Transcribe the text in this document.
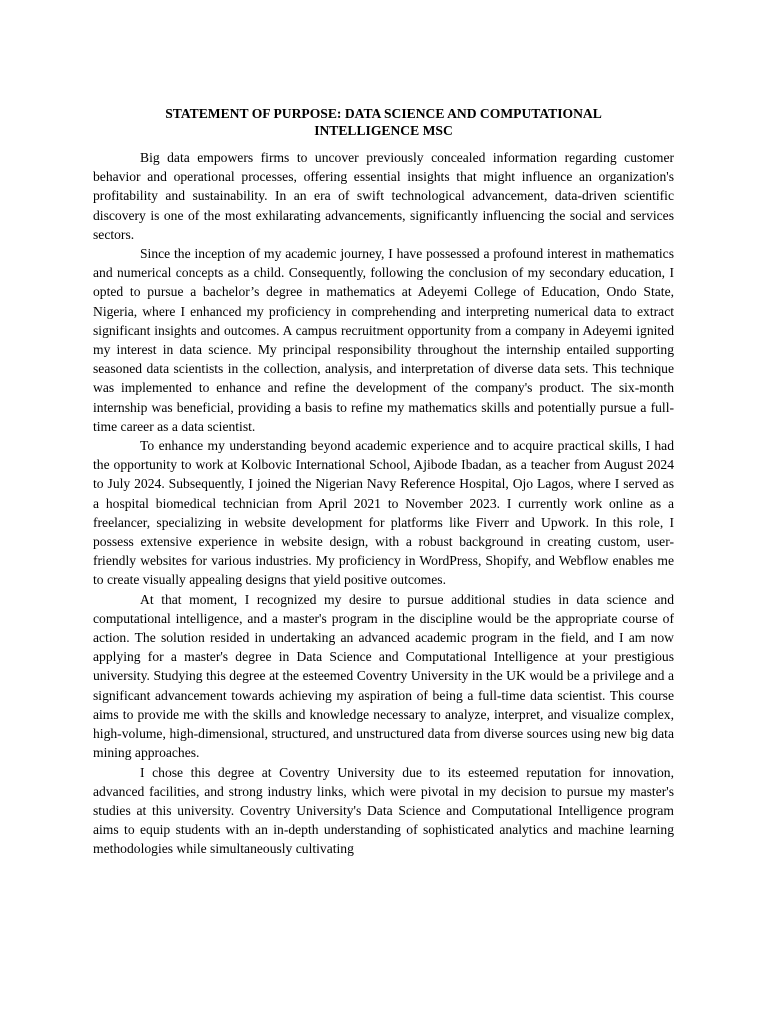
STATEMENT OF PURPOSE: DATA SCIENCE AND COMPUTATIONAL INTELLIGENCE MSC

Big data empowers firms to uncover previously concealed information regarding customer behavior and operational processes, offering essential insights that might influence an organization's profitability and sustainability. In an era of swift technological advancement, data-driven scientific discovery is one of the most exhilarating advancements, significantly influencing the social and services sectors.

Since the inception of my academic journey, I have possessed a profound interest in mathematics and numerical concepts as a child. Consequently, following the conclusion of my secondary education, I opted to pursue a bachelor’s degree in mathematics at Adeyemi College of Education, Ondo State, Nigeria, where I enhanced my proficiency in comprehending and interpreting numerical data to extract significant insights and outcomes. A campus recruitment opportunity from a company in Adeyemi ignited my interest in data science. My principal responsibility throughout the internship entailed supporting seasoned data scientists in the collection, analysis, and interpretation of diverse data sets. This technique was implemented to enhance and refine the development of the company's product. The six-month internship was beneficial, providing a basis to refine my mathematics skills and potentially pursue a full-time career as a data scientist.

To enhance my understanding beyond academic experience and to acquire practical skills, I had the opportunity to work at Kolbovic International School, Ajibode Ibadan, as a teacher from August 2024 to July 2024. Subsequently, I joined the Nigerian Navy Reference Hospital, Ojo Lagos, where I served as a hospital biomedical technician from April 2021 to November 2023. I currently work online as a freelancer, specializing in website development for platforms like Fiverr and Upwork. In this role, I possess extensive experience in website design, with a robust background in creating custom, user-friendly websites for various industries. My proficiency in WordPress, Shopify, and Webflow enables me to create visually appealing designs that yield positive outcomes.

At that moment, I recognized my desire to pursue additional studies in data science and computational intelligence, and a master's program in the discipline would be the appropriate course of action. The solution resided in undertaking an advanced academic program in the field, and I am now applying for a master's degree in Data Science and Computational Intelligence at your prestigious university. Studying this degree at the esteemed Coventry University in the UK would be a privilege and a significant advancement towards achieving my aspiration of being a full-time data scientist. This course aims to provide me with the skills and knowledge necessary to analyze, interpret, and visualize complex, high-volume, high-dimensional, structured, and unstructured data from diverse sources using new big data mining approaches.

I chose this degree at Coventry University due to its esteemed reputation for innovation, advanced facilities, and strong industry links, which were pivotal in my decision to pursue my master's studies at this university. Coventry University's Data Science and Computational Intelligence program aims to equip students with an in-depth understanding of sophisticated analytics and machine learning methodologies while simultaneously cultivating
